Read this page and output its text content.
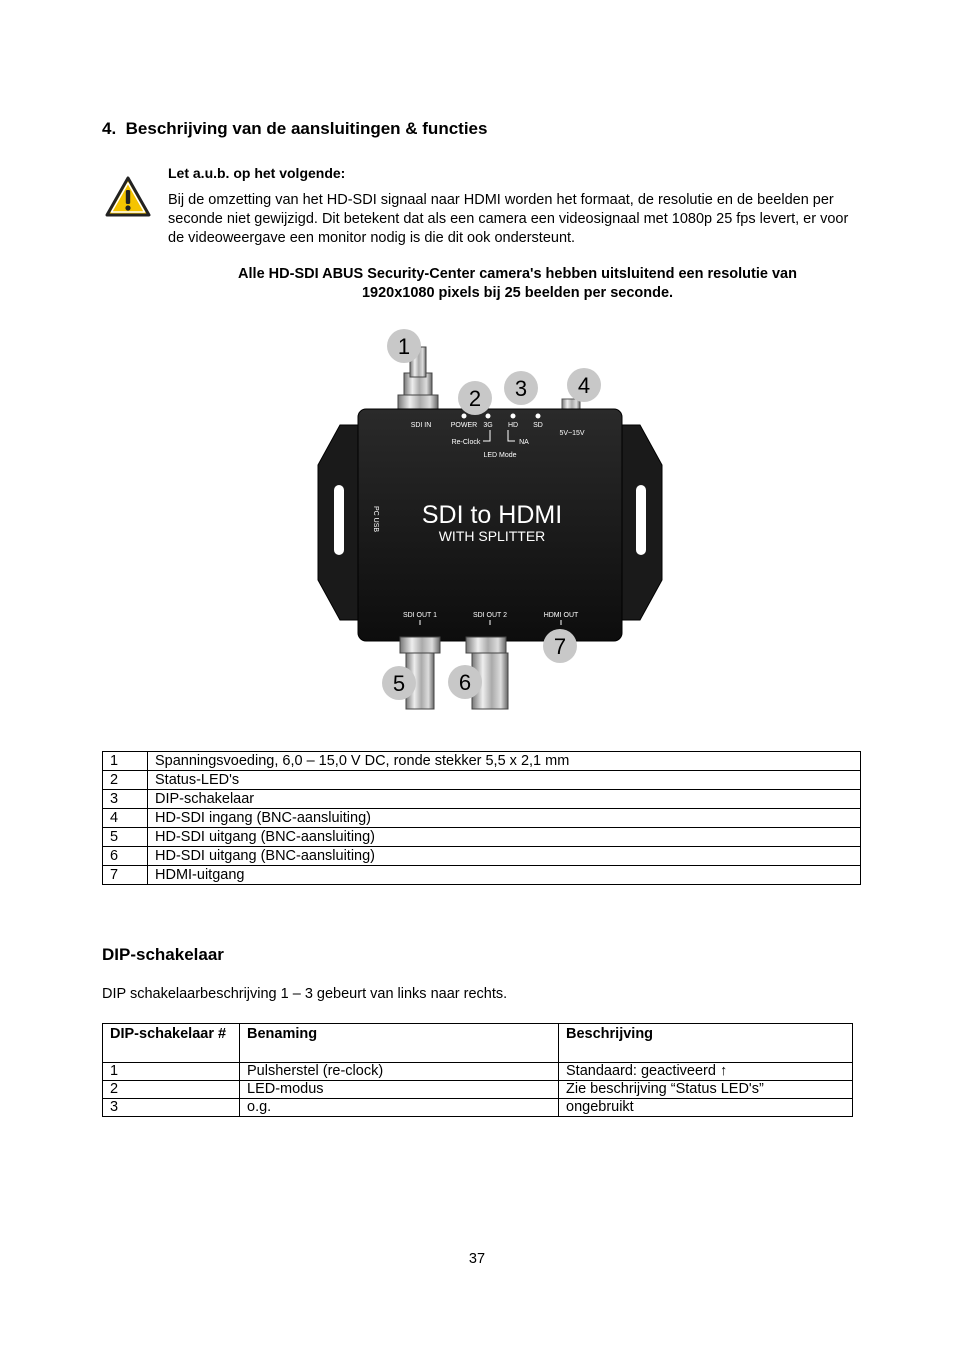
4. Beschrijving van de aansluitingen & functies
Let a.u.b. op het volgende:
Bij de omzetting van het HD-SDI signaal naar HDMI worden het formaat, de resolutie en de beelden per seconde niet gewijzigd. Dit betekent dat als een camera een videosignaal met 1080p 25 fps levert, er voor de videoweergave een monitor nodig is die dit ook ondersteunt.
Alle HD-SDI ABUS Security-Center camera's hebben uitsluitend een resolutie van
1920x1080 pixels bij 25 beelden per seconde.
SDI IN	POWER 3G HD SD
5V~15V
Re-Clock	NA
LED Mode
SDI to HDMI
WITH SPLITTER
PC USB
SDI OUT 1	SDI OUT 2	HDMI OUT
1
2 3 4
5 6
7
1	Spanningsvoeding, 6,0 – 15,0 V DC, ronde stekker 5,5 x 2,1 mm
2	Status-LED's
3	DIP-schakelaar
4	HD-SDI ingang (BNC-aansluiting)
5	HD-SDI uitgang (BNC-aansluiting)
6	HD-SDI uitgang (BNC-aansluiting)
7	HDMI-uitgang
DIP-schakelaar
DIP schakelaarbeschrijving 1 – 3 gebeurt van links naar rechts.
DIP-schakelaar #	Benaming	Beschrijving
1	Pulsherstel (re-clock)	Standaard: geactiveerd ↑
2	LED-modus	Zie beschrijving “Status LED's”
3	o.g.	ongebruikt
37
